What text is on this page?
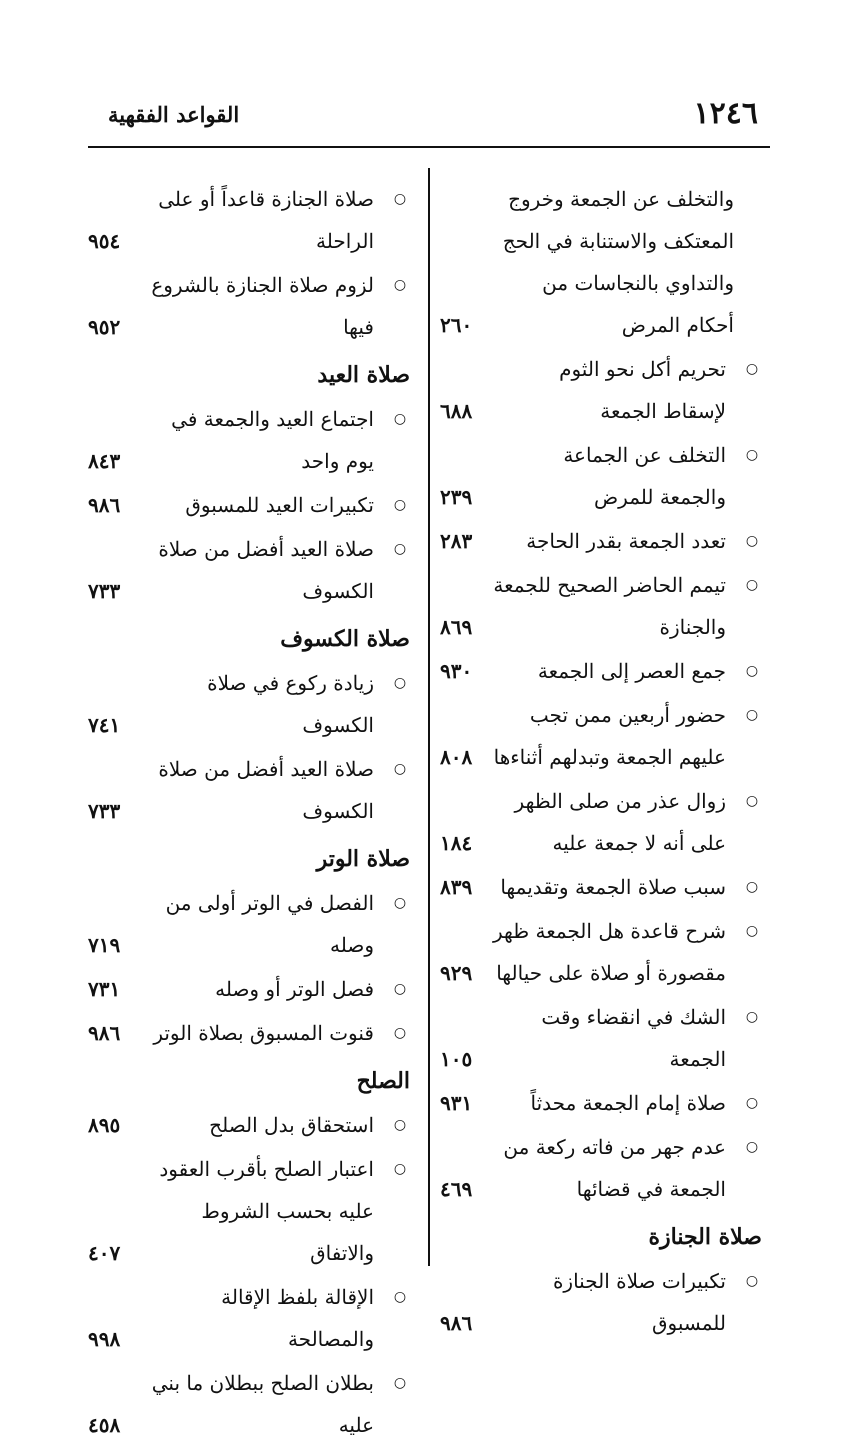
١٢٤٦
القواعد الفقهية
والتخلف عن الجمعة وخروج المعتكف والاستنابة في الحج والتداوي بالنجاسات من أحكام المرض
٢٦٠
○
تحريم أكل نحو الثوم لإسقاط الجمعة
٦٨٨
○
التخلف عن الجماعة والجمعة للمرض
٢٣٩
○
تعدد الجمعة بقدر الحاجة
٢٨٣
○
تيمم الحاضر الصحيح للجمعة والجنازة
٨٦٩
○
جمع العصر إلى الجمعة
٩٣٠
○
حضور أربعين ممن تجب عليهم الجمعة وتبدلهم أثناءها
٨٠٨
○
زوال عذر من صلى الظهر على أنه لا جمعة عليه
١٨٤
○
سبب صلاة الجمعة وتقديمها
٨٣٩
○
شرح قاعدة هل الجمعة ظهر مقصورة أو صلاة على حيالها
٩٢٩
○
الشك في انقضاء وقت الجمعة
١٠٥
○
صلاة إمام الجمعة محدثاً
٩٣١
○
عدم جهر من فاته ركعة من الجمعة في قضائها
٤٦٩
صلاة الجنازة
○
تكبيرات صلاة الجنازة للمسبوق
٩٨٦
○
صلاة الجنازة قاعداً أو على الراحلة
٩٥٤
○
لزوم صلاة الجنازة بالشروع فيها
٩٥٢
صلاة العيد
○
اجتماع العيد والجمعة في يوم واحد
٨٤٣
○
تكبيرات العيد للمسبوق
٩٨٦
○
صلاة العيد أفضل من صلاة الكسوف
٧٣٣
صلاة الكسوف
○
زيادة ركوع في صلاة الكسوف
٧٤١
○
صلاة العيد أفضل من صلاة الكسوف
٧٣٣
صلاة الوتر
○
الفصل في الوتر أولى من وصله
٧١٩
○
فصل الوتر أو وصله
٧٣١
○
قنوت المسبوق بصلاة الوتر
٩٨٦
الصلح
○
استحقاق بدل الصلح
٨٩٥
○
اعتبار الصلح بأقرب العقود عليه بحسب الشروط والاتفاق
٤٠٧
○
الإقالة بلفظ الإقالة والمصالحة
٩٩٨
○
بطلان الصلح ببطلان ما بني عليه
٤٥٨
